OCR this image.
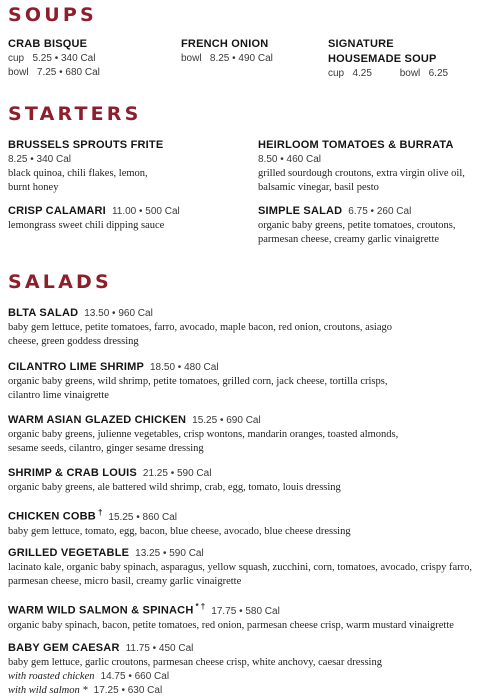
SOUPS
CRAB BISQUE
cup   5.25 • 340 Cal
bowl   7.25 • 680 Cal
FRENCH ONION
bowl   8.25 • 490 Cal
SIGNATURE
HOUSEMADE SOUP
cup   4.25          bowl   6.25
STARTERS
BRUSSELS SPROUTS FRITE
8.25 • 340 Cal
black quinoa, chili flakes, lemon, burnt honey
HEIRLOOM TOMATOES & BURRATA
8.50 • 460 Cal
grilled sourdough croutons, extra virgin olive oil, balsamic vinegar, basil pesto
CRISP CALAMARI 11.00 • 500 Cal
lemongrass sweet chili dipping sauce
SIMPLE SALAD 6.75 • 260 Cal
organic baby greens, petite tomatoes, croutons, parmesan cheese, creamy garlic vinaigrette
SALADS
BLTA SALAD 13.50 • 960 Cal
baby gem lettuce, petite tomatoes, farro, avocado, maple bacon, red onion, croutons, asiago cheese, green goddess dressing
CILANTRO LIME SHRIMP 18.50 • 480 Cal
organic baby greens, wild shrimp, petite tomatoes, grilled corn, jack cheese, tortilla crisps, cilantro lime vinaigrette
WARM ASIAN GLAZED CHICKEN 15.25 • 690 Cal
organic baby greens, julienne vegetables, crisp wontons, mandarin oranges, toasted almonds, sesame seeds, cilantro, ginger sesame dressing
SHRIMP & CRAB LOUIS 21.25 • 590 Cal
organic baby greens, ale battered wild shrimp, crab, egg, tomato, louis dressing
CHICKEN COBB † 15.25 • 860 Cal
baby gem lettuce, tomato, egg, bacon, blue cheese, avocado, blue cheese dressing
GRILLED VEGETABLE 13.25 • 590 Cal
lacinato kale, organic baby spinach, asparagus, yellow squash, zucchini, corn, tomatoes, avocado, crispy farro, parmesan cheese, micro basil, creamy garlic vinaigrette
WARM WILD SALMON & SPINACH * † 17.75 • 580 Cal
organic baby spinach, bacon, petite tomatoes, red onion, parmesan cheese crisp, warm mustard vinaigrette
BABY GEM CAESAR 11.75 • 450 Cal
baby gem lettuce, garlic croutons, parmesan cheese crisp, white anchovy, caesar dressing
with roasted chicken 14.75 • 660 Cal
with wild salmon * 17.25 • 630 Cal
